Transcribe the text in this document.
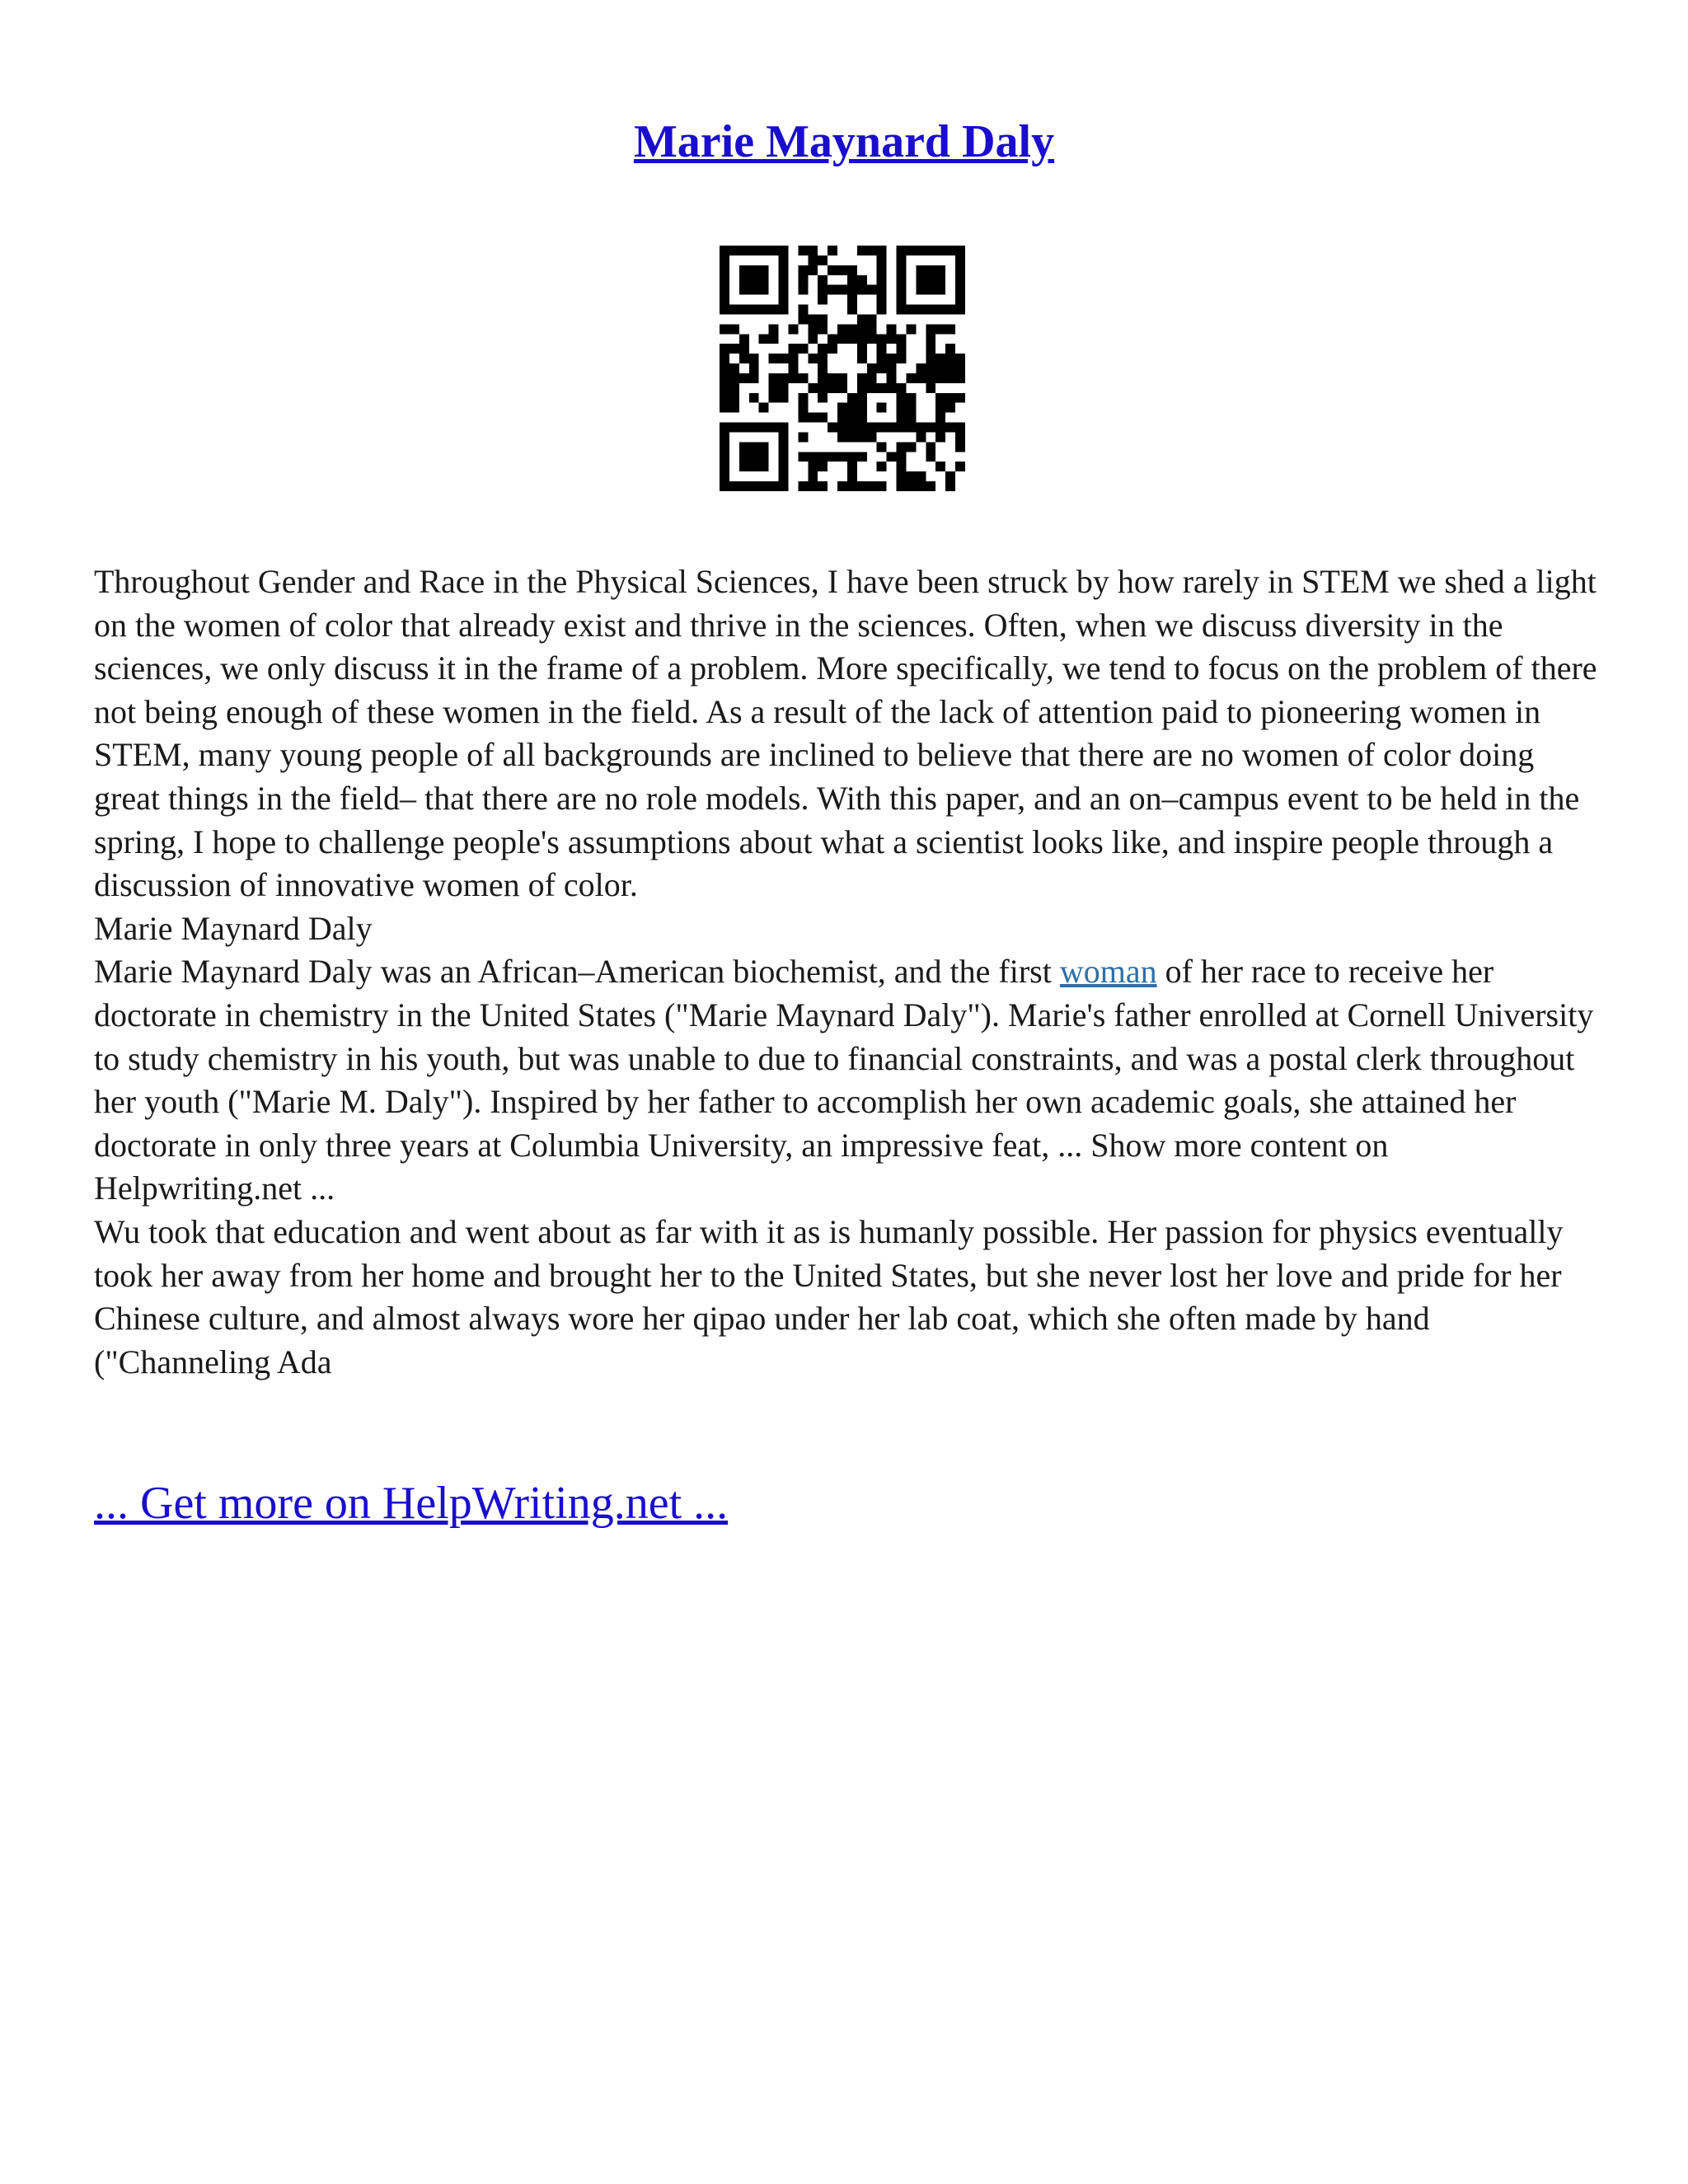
Marie Maynard Daly

Throughout Gender and Race in the Physical Sciences, I have been struck by how rarely in STEM we shed a light on the women of color that already exist and thrive in the sciences. Often, when we discuss diversity in the sciences, we only discuss it in the frame of a problem. More specifically, we tend to focus on the problem of there not being enough of these women in the field. As a result of the lack of attention paid to pioneering women in STEM, many young people of all backgrounds are inclined to believe that there are no women of color doing great things in the field– that there are no role models. With this paper, and an on–campus event to be held in the spring, I hope to challenge people's assumptions about what a scientist looks like, and inspire people through a discussion of innovative women of color.

Marie Maynard Daly

Marie Maynard Daly was an African–American biochemist, and the first woman of her race to receive her doctorate in chemistry in the United States ("Marie Maynard Daly"). Marie's father enrolled at Cornell University to study chemistry in his youth, but was unable to due to financial constraints, and was a postal clerk throughout her youth ("Marie M. Daly"). Inspired by her father to accomplish her own academic goals, she attained her doctorate in only three years at Columbia University, an impressive feat, ... Show more content on Helpwriting.net ...

Wu took that education and went about as far with it as is humanly possible. Her passion for physics eventually took her away from her home and brought her to the United States, but she never lost her love and pride for her Chinese culture, and almost always wore her qipao under her lab coat, which she often made by hand ("Channeling Ada

... Get more on HelpWriting.net ...
